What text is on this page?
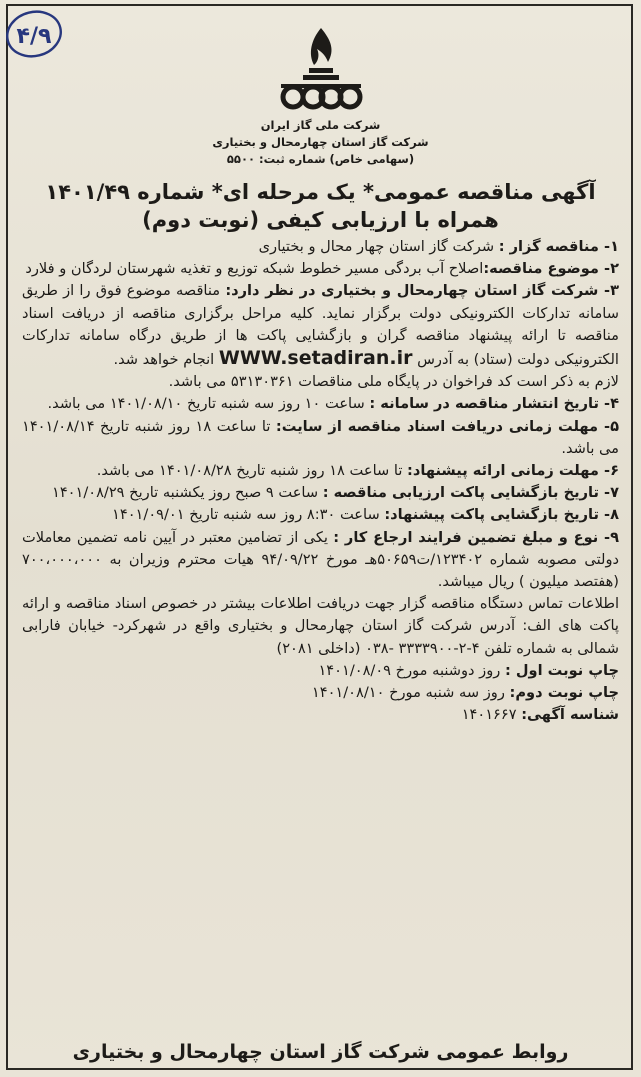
۴/۹
شرکت ملی گاز ایران
شرکت گاز استان چهارمحال و بختیاری
(سهامی خاص) شماره ثبت: ۵۵۰۰
آگهی مناقصه عمومی* یک مرحله ای* شماره ۱۴۰۱/۴۹
همراه با ارزیابی کیفی (نوبت دوم)

۱- مناقصه گزار : شرکت گاز استان چهار محال و بختیاری

۲- موضوع مناقصه:اصلاح آب بردگی مسیر خطوط شبکه توزیع و تغذیه شهرستان لردگان و فلارد

۳- شرکت گاز استان چهارمحال و بختیاری در نظر دارد: مناقصه موضوع فوق را از طریق سامانه تدارکات الکترونیکی دولت برگزار نماید. کلیه مراحل برگزاری مناقصه از دریافت اسناد مناقصه تا ارائه پیشنهاد مناقصه گران و بازگشایی پاکت ها از طریق درگاه سامانه تدارکات الکترونیکی دولت (ستاد) به آدرس WWW.setadiran.ir انجام خواهد شد.

لازم به ذکر است کد فراخوان در پایگاه ملی مناقصات ۵۳۱۳۰۳۶۱ می باشد.

۴- تاریخ انتشار مناقصه در سامانه : ساعت ۱۰ روز سه شنبه تاریخ ۱۴۰۱/۰۸/۱۰ می باشد.

۵- مهلت زمانی دریافت اسناد مناقصه از سایت: تا ساعت ۱۸ روز شنبه تاریخ ۱۴۰۱/۰۸/۱۴ می باشد.

۶- مهلت زمانی ارائه پیشنهاد: تا ساعت ۱۸ روز شنبه تاریخ ۱۴۰۱/۰۸/۲۸ می باشد.

۷- تاریخ بازگشایی پاکت ارزیابی مناقصه : ساعت ۹ صبح روز یکشنبه تاریخ ۱۴۰۱/۰۸/۲۹

۸- تاریخ بازگشایی پاکت پیشنهاد: ساعت ۸:۳۰ روز سه شنبه تاریخ ۱۴۰۱/۰۹/۰۱

۹- نوع و مبلغ تضمین فرایند ارجاع کار : یکی از تضامین معتبر در آیین نامه تضمین معاملات دولتی مصوبه شماره ۱۲۳۴۰۲/ت۵۰۶۵۹هـ مورخ ۹۴/۰۹/۲۲ هیات محترم وزیران به ۷۰۰،۰۰۰،۰۰۰ (هفتصد میلیون ) ریال میباشد.

اطلاعات تماس دستگاه مناقصه گزار جهت دریافت اطلاعات بیشتر در خصوص اسناد مناقصه و ارائه پاکت های الف: آدرس شرکت گاز استان چهارمحال و بختیاری واقع در شهرکرد- خیابان فارابی شمالی به شماره تلفن ۴-۲-۳۳۳۳۹۰۰ -۰۳۸ (داخلی ۲۰۸۱)

چاپ نوبت اول : روز دوشنبه مورخ ۱۴۰۱/۰۸/۰۹

چاپ نوبت دوم: روز سه شنبه مورخ ۱۴۰۱/۰۸/۱۰

شناسه آگهی: ۱۴۰۱۶۶۷

روابط عمومی شرکت گاز استان چهارمحال و بختیاری
